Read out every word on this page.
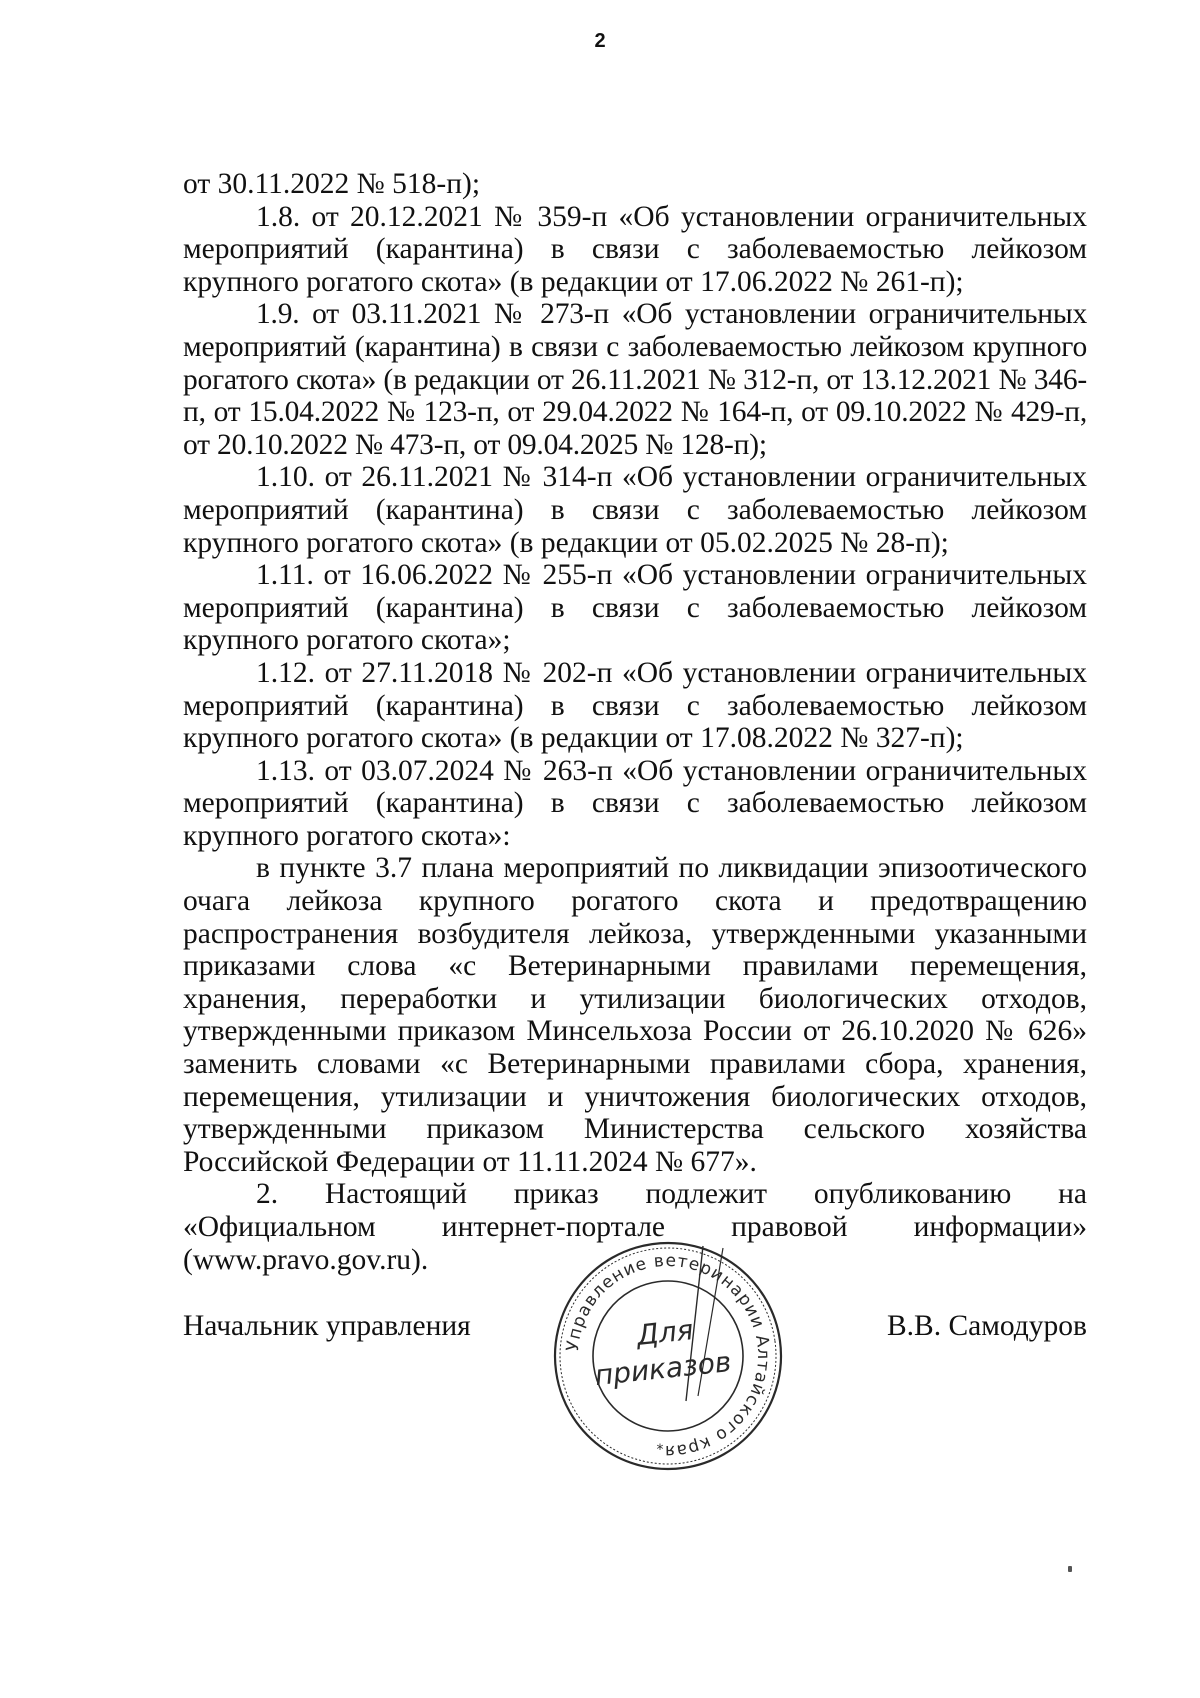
2

от 30.11.2022 № 518-п);

1.8. от 20.12.2021 № 359-п «Об установлении ограничительных мероприятий (карантина) в связи с заболеваемостью лейкозом крупного рогатого скота» (в редакции от 17.06.2022 № 261-п);

1.9. от 03.11.2021 № 273-п «Об установлении ограничительных мероприятий (карантина) в связи с заболеваемостью лейкозом крупного рогатого скота» (в редакции от 26.11.2021 № 312-п, от 13.12.2021 № 346-п, от 15.04.2022 № 123-п, от 29.04.2022 № 164-п, от 09.10.2022 № 429-п, от 20.10.2022 № 473-п, от 09.04.2025 № 128-п);

1.10. от 26.11.2021 № 314-п «Об установлении ограничительных мероприятий (карантина) в связи с заболеваемостью лейкозом крупного рогатого скота» (в редакции от 05.02.2025 № 28-п);

1.11. от 16.06.2022 № 255-п «Об установлении ограничительных мероприятий (карантина) в связи с заболеваемостью лейкозом крупного рогатого скота»;

1.12. от 27.11.2018 № 202-п «Об установлении ограничительных мероприятий (карантина) в связи с заболеваемостью лейкозом крупного рогатого скота» (в редакции от 17.08.2022 № 327-п);

1.13. от 03.07.2024 № 263-п «Об установлении ограничительных мероприятий (карантина) в связи с заболеваемостью лейкозом крупного рогатого скота»:

в пункте 3.7 плана мероприятий по ликвидации эпизоотического очага лейкоза крупного рогатого скота и предотвращению распространения возбудителя лейкоза, утвержденными указанными приказами слова «с Ветеринарными правилами перемещения, хранения, переработки и утилизации биологических отходов, утвержденными приказом Минсельхоза России от 26.10.2020 № 626» заменить словами «с Ветеринарными правилами сбора, хранения, перемещения, утилизации и уничтожения биологических отходов, утвержденными приказом Министерства сельского хозяйства Российской Федерации от 11.11.2024 № 677».

2. Настоящий приказ подлежит опубликованию на «Официальном интернет-портале правовой информации» (www.pravo.gov.ru).

Начальник управления	В.В. Самодуров
Управление ветеринарии Алтайского края
Для
приказов
*
